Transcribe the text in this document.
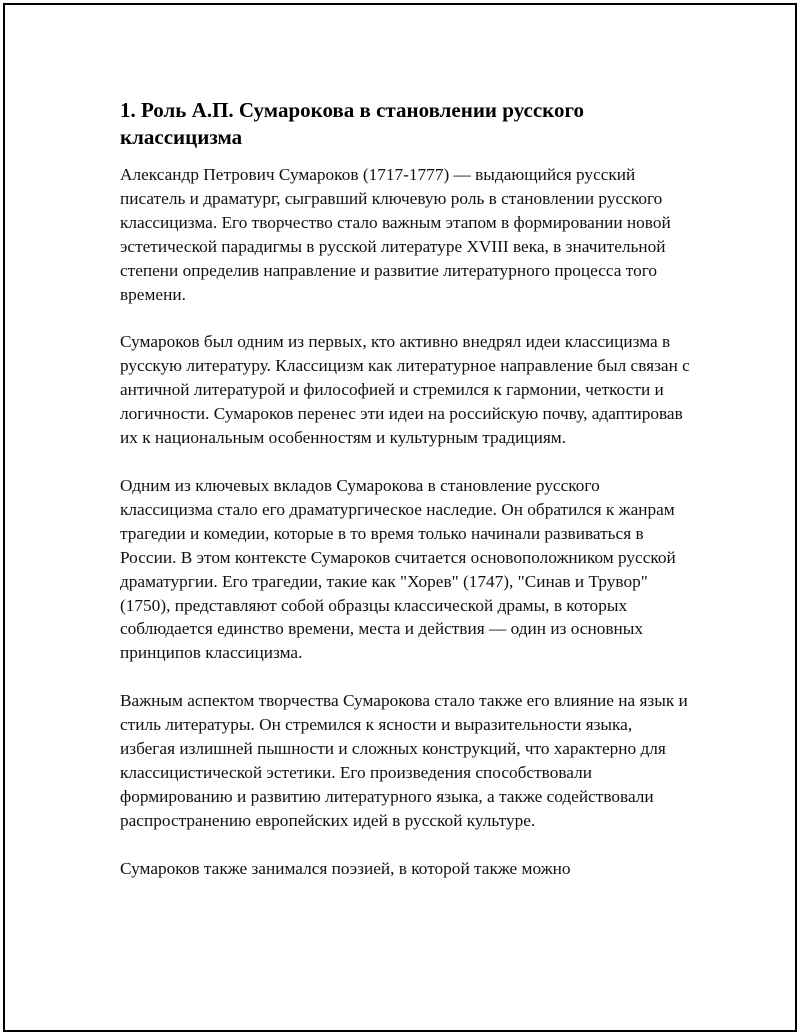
1. Роль А.П. Сумарокова в становлении русского классицизма

Александр Петрович Сумароков (1717-1777) — выдающийся русский писатель и драматург, сыгравший ключевую роль в становлении русского классицизма. Его творчество стало важным этапом в формировании новой эстетической парадигмы в русской литературе XVIII века, в значительной степени определив направление и развитие литературного процесса того времени.

Сумароков был одним из первых, кто активно внедрял идеи классицизма в русскую литературу. Классицизм как литературное направление был связан с античной литературой и философией и стремился к гармонии, четкости и логичности. Сумароков перенес эти идеи на российскую почву, адаптировав их к национальным особенностям и культурным традициям.

Одним из ключевых вкладов Сумарокова в становление русского классицизма стало его драматургическое наследие. Он обратился к жанрам трагедии и комедии, которые в то время только начинали развиваться в России. В этом контексте Сумароков считается основоположником русской драматургии. Его трагедии, такие как "Хорев" (1747), "Синав и Трувор" (1750), представляют собой образцы классической драмы, в которых соблюдается единство времени, места и действия — один из основных принципов классицизма.

Важным аспектом творчества Сумарокова стало также его влияние на язык и стиль литературы. Он стремился к ясности и выразительности языка, избегая излишней пышности и сложных конструкций, что характерно для классицистической эстетики. Его произведения способствовали формированию и развитию литературного языка, а также содействовали распространению европейских идей в русской культуре.

Сумароков также занимался поэзией, в которой также можно
